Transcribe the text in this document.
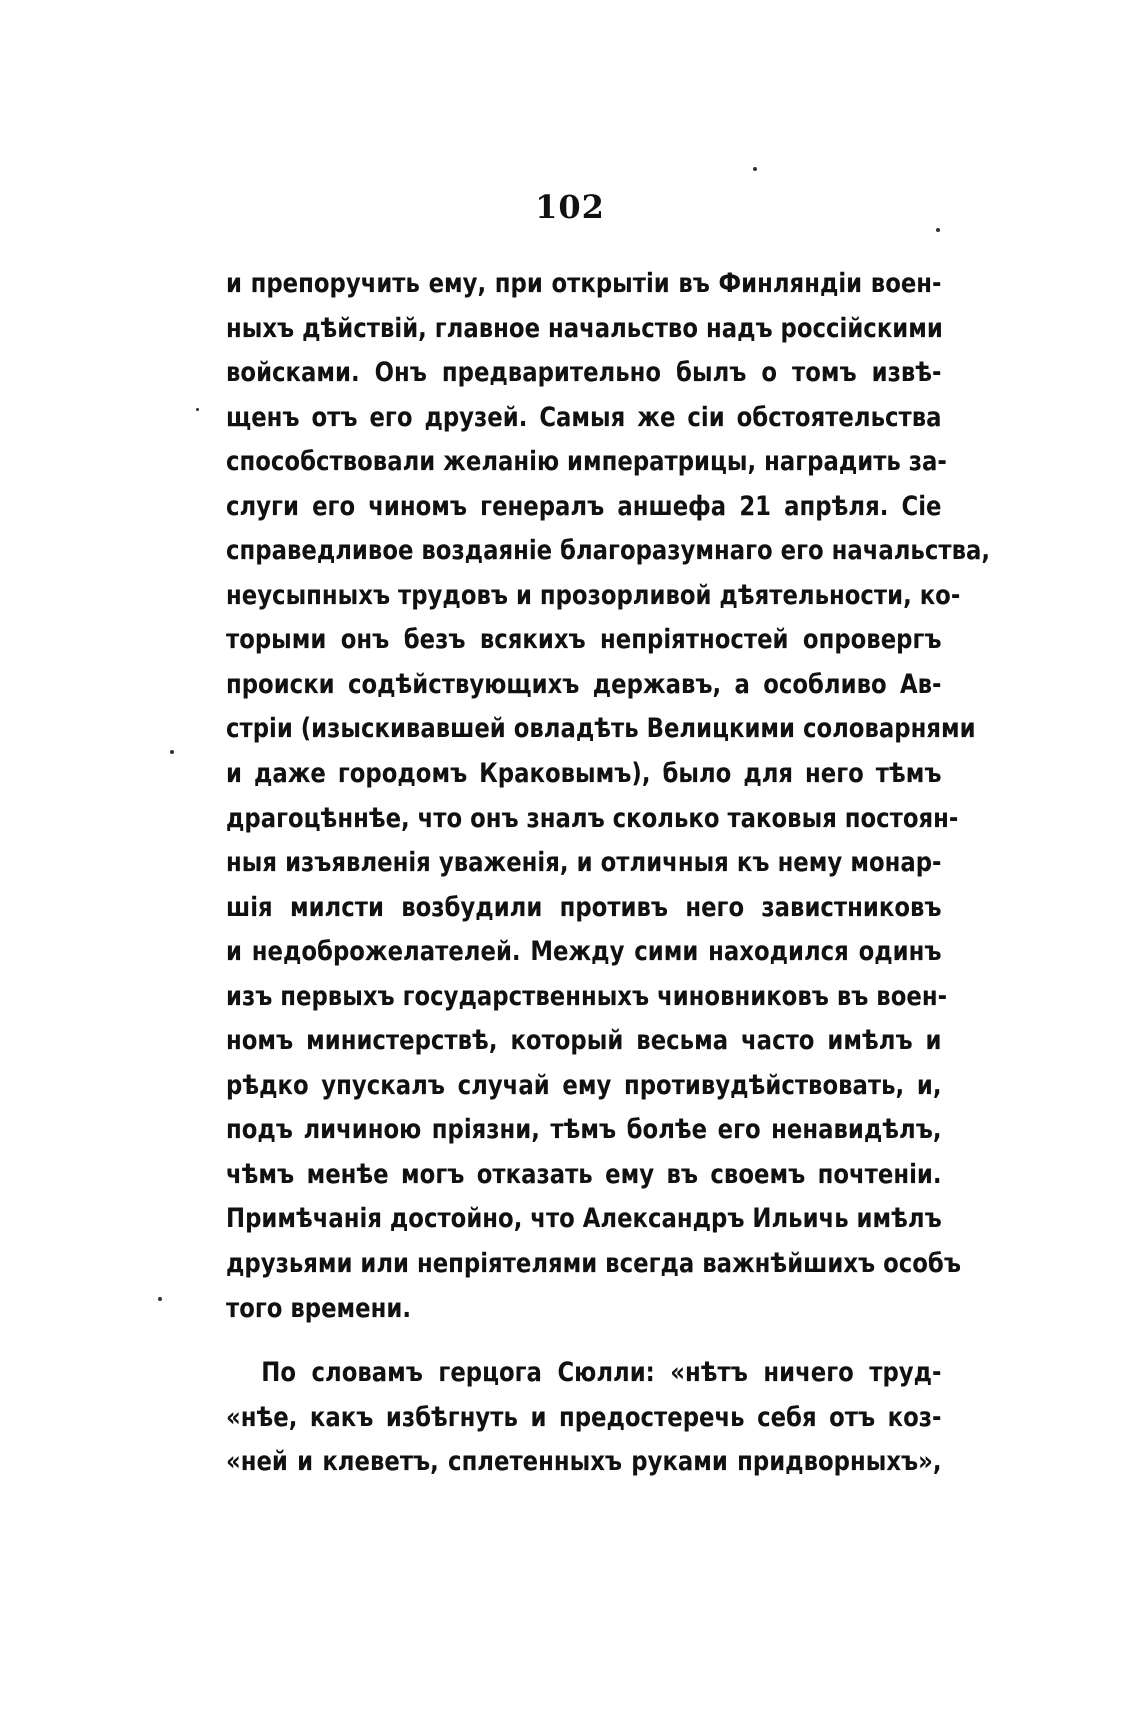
102
и препоручить ему, при открытіи въ Финляндіи воен-
ныхъ дѣйствій, главное начальство надъ россійскими
войсками. Онъ предварительно былъ о томъ извѣ-
щенъ отъ его друзей. Самыя же сіи обстоятельства
способствовали желанію императрицы, наградить за-
слуги его чиномъ генералъ аншефа 21 апрѣля. Сіе
справедливое воздаяніе благоразумнаго его начальства,
неусыпныхъ трудовъ и прозорливой дѣятельности, ко-
торыми онъ безъ всякихъ непріятностей опровергъ
происки содѣйствующихъ державъ, а особливо Ав-
стріи (изыскивавшей овладѣть Велицкими соловарнями
и даже городомъ Краковымъ), было для него тѣмъ
драгоцѣннѣе, что онъ зналъ сколько таковыя постоян-
ныя изъявленія уваженія, и отличныя къ нему монар-
шія милсти возбудили противъ него завистниковъ
и недоброжелателей. Между сими находился одинъ
изъ первыхъ государственныхъ чиновниковъ въ воен-
номъ министерствѣ, который весьма часто имѣлъ и
рѣдко упускалъ случай ему противудѣйствовать, и,
подъ личиною пріязни, тѣмъ болѣе его ненавидѣлъ,
чѣмъ менѣе могъ отказать ему въ своемъ почтеніи.
Примѣчанія достойно, что Александръ Ильичь имѣлъ
друзьями или непріятелями всегда важнѣйшихъ особъ
того времени.
По словамъ герцога Сюлли: «нѣтъ ничего труд-
«нѣе, какъ избѣгнуть и предостеречь себя отъ коз-
«ней и клеветъ, сплетенныхъ руками придворныхъ»,
